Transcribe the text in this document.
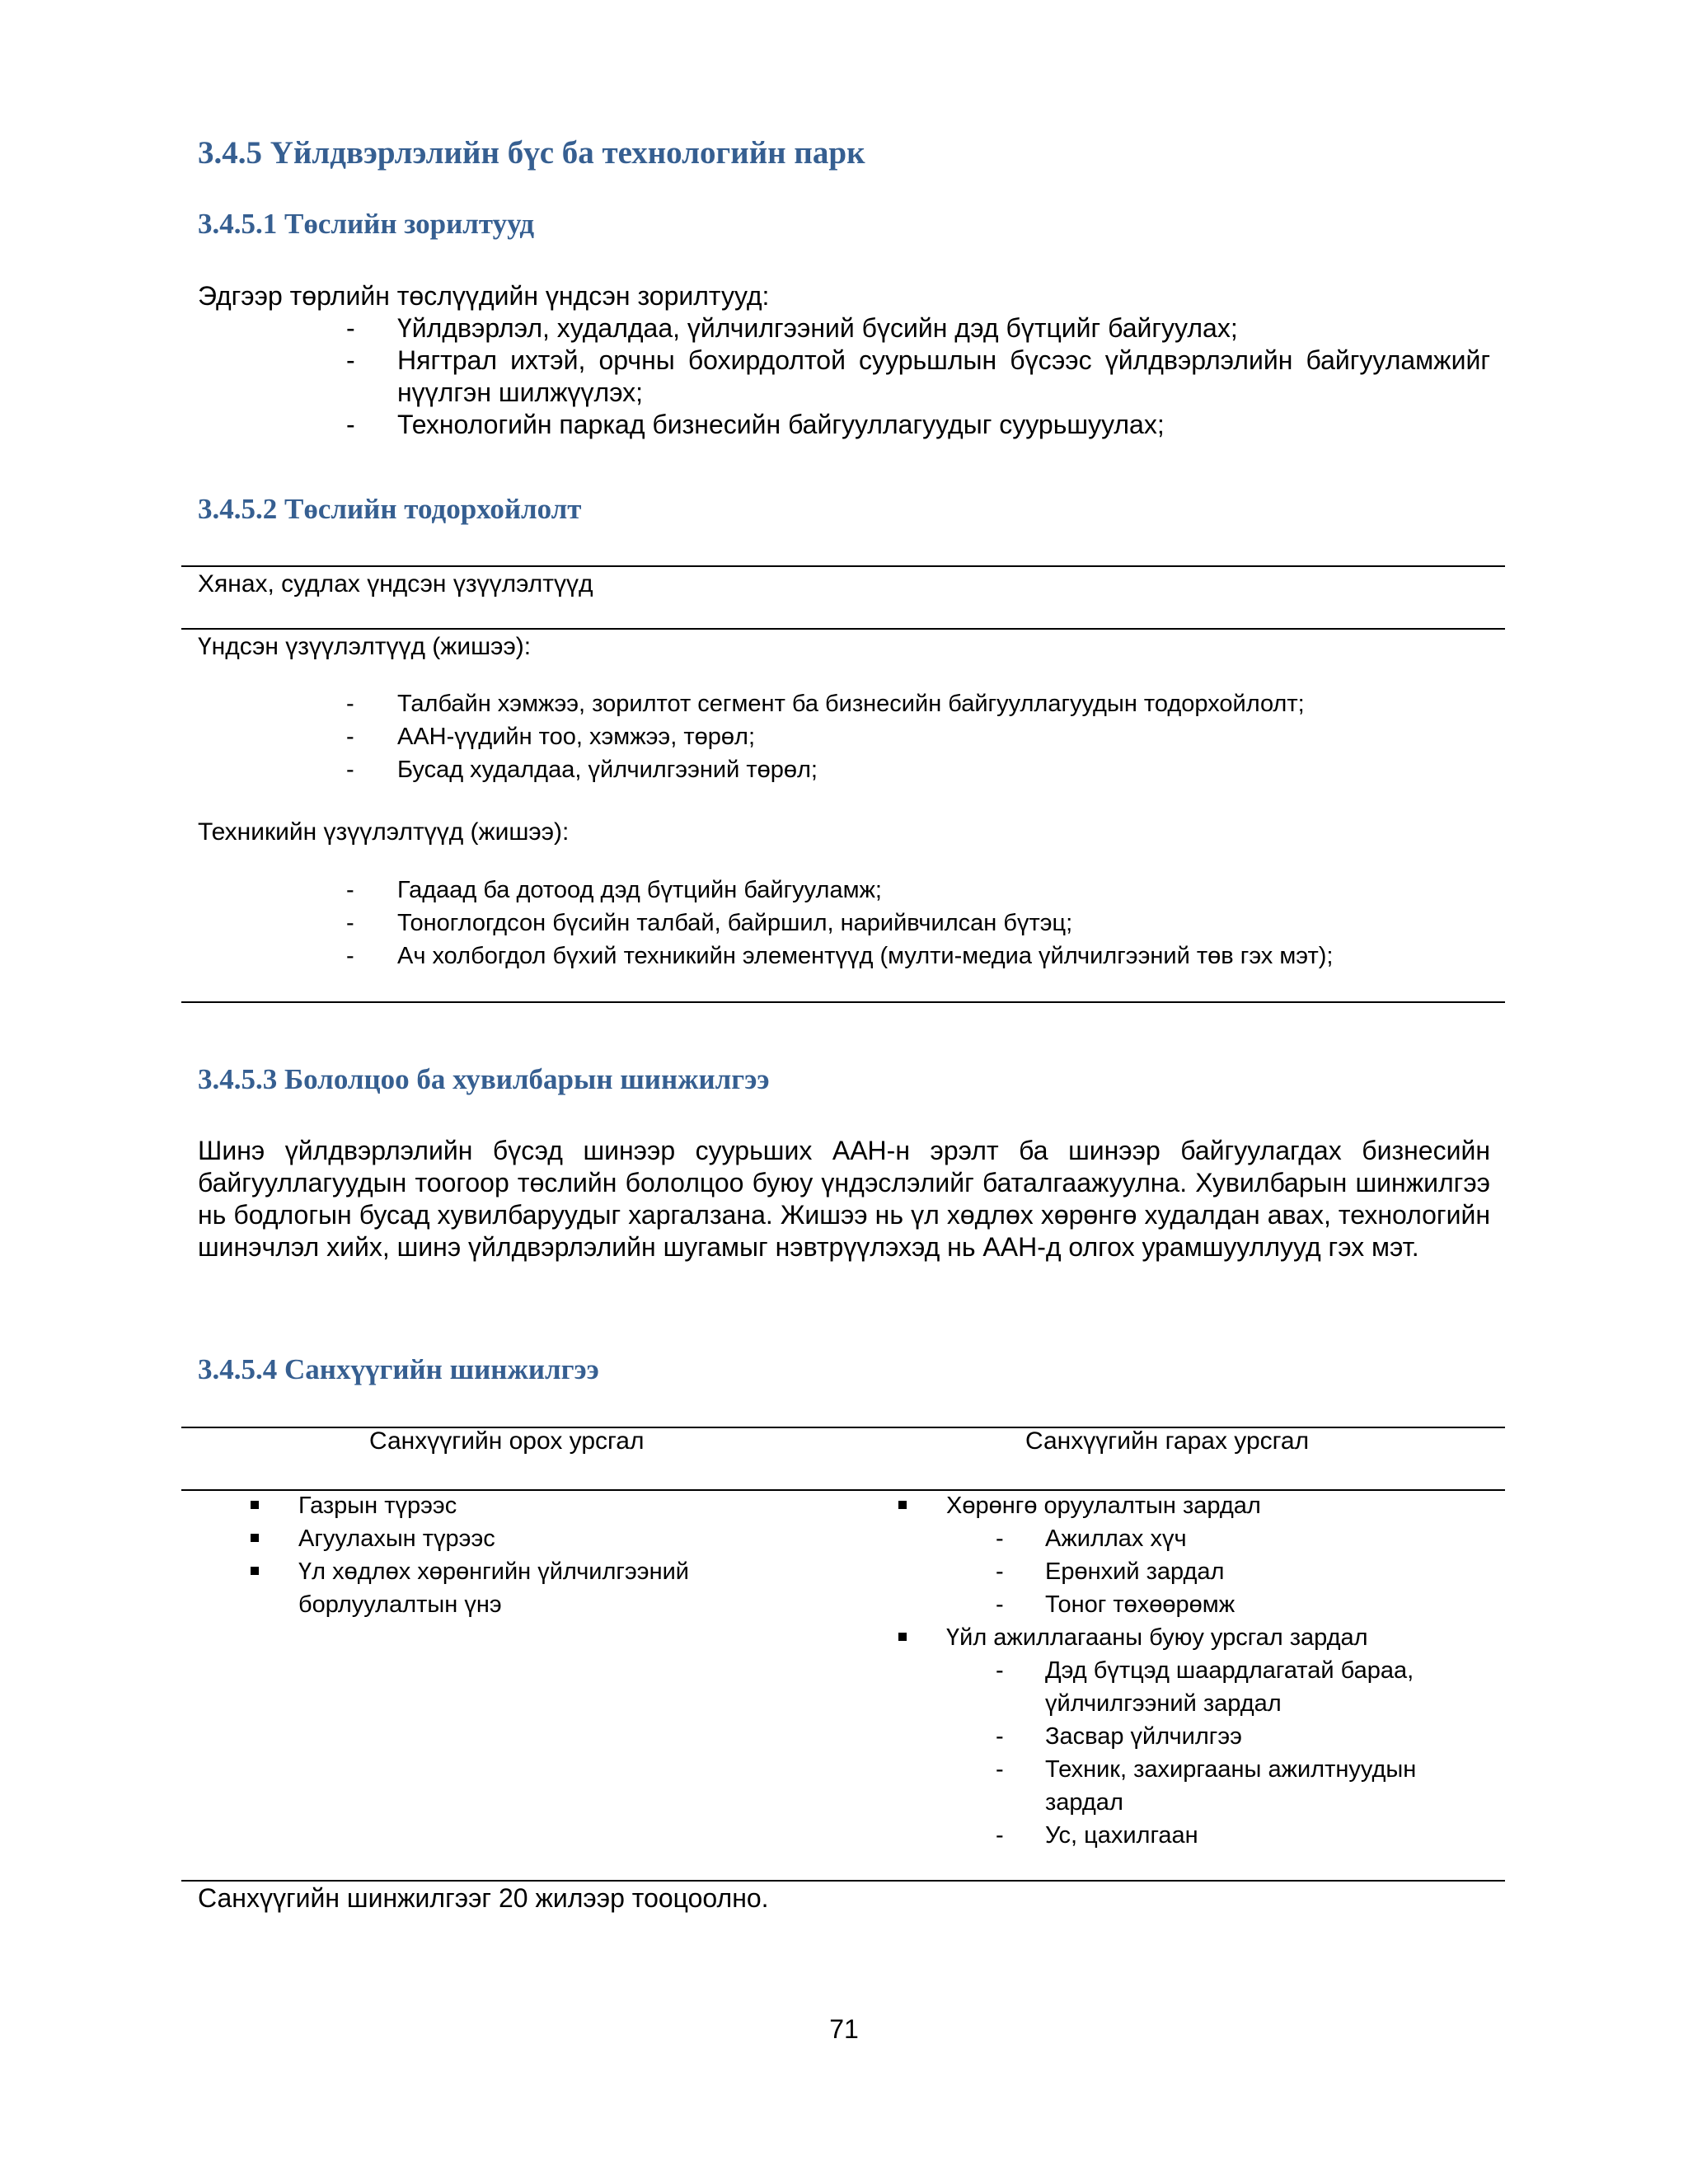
3.4.5 Үйлдвэрлэлийн бүс ба технологийн парк
3.4.5.1 Төслийн зорилтууд

Эдгээр төрлийн төслүүдийн үндсэн зорилтууд:

- Үйлдвэрлэл, худалдаа, үйлчилгээний бүсийн дэд бүтцийг байгуулах;
- Нягтрал ихтэй, орчны бохирдолтой суурьшлын бүсээс үйлдвэрлэлийн байгууламжийг нүүлгэн шилжүүлэх;
- Технологийн паркад бизнесийн байгууллагуудыг суурьшуулах;
3.4.5.2 Төслийн тодорхойлолт

Хянах, судлах үндсэн үзүүлэлтүүд

Үндсэн үзүүлэлтүүд (жишээ):

- Талбайн хэмжээ, зорилтот сегмент ба бизнесийн байгууллагуудын тодорхойлолт;
- ААН-үүдийн тоо, хэмжээ, төрөл;
- Бусад худалдаа, үйлчилгээний төрөл;

Техникийн үзүүлэлтүүд (жишээ):

- Гадаад ба дотоод дэд бүтцийн байгууламж;
- Тоноглогдсон бүсийн талбай, байршил, нарийвчилсан бүтэц;
- Ач холбогдол бүхий техникийн элементүүд (мулти-медиа үйлчилгээний төв гэх мэт);
3.4.5.3 Бололцоо ба хувилбарын шинжилгээ

Шинэ үйлдвэрлэлийн бүсэд шинээр суурьших ААН-н эрэлт ба шинээр байгуулагдах бизнесийн байгууллагуудын тоогоор төслийн бололцоо буюу үндэслэлийг баталгаажуулна. Хувилбарын шинжилгээ нь бодлогын бусад хувилбаруудыг харгалзана. Жишээ нь үл хөдлөх хөрөнгө худалдан авах, технологийн шинэчлэл хийх, шинэ үйлдвэрлэлийн шугамыг нэвтрүүлэхэд нь ААН-д олгох урамшууллууд гэх мэт.

3.4.5.4 Санхүүгийн шинжилгээ
Санхүүгийн орох урсгал	Санхүүгийн гарах урсгал
Газрын түрээс
Агуулахын түрээс
Үл хөдлөх хөрөнгийн үйлчилгээний борлуулалтын үнэ
Хөрөнгө оруулалтын зардал
- Ажиллах хүч
- Ерөнхий зардал
- Тоног төхөөрөмж
Үйл ажиллагааны буюу урсгал зардал
- Дэд бүтцэд шаардлагатай бараа, үйлчилгээний зардал
- Засвар үйлчилгээ
- Техник, захиргааны ажилтнуудын зардал
- Ус, цахилгаан

Санхүүгийн шинжилгээг 20 жилээр тооцоолно.

71
